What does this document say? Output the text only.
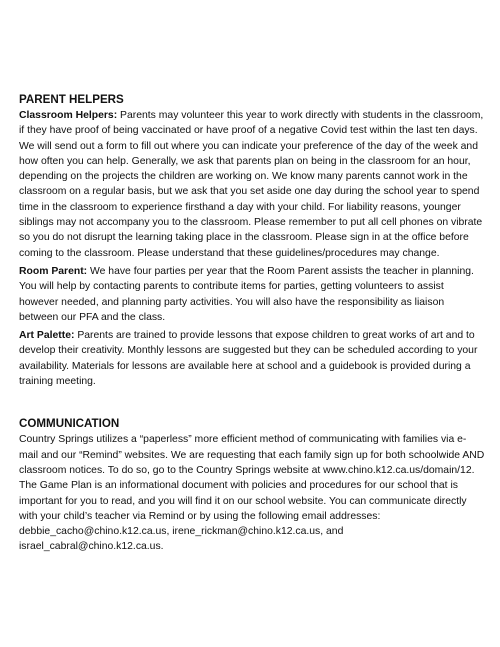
PARENT HELPERS

Classroom Helpers: Parents may volunteer this year to work directly with students in the classroom, if they have proof of being vaccinated or have proof of a negative Covid test within the last ten days. We will send out a form to fill out where you can indicate your preference of the day of the week and how often you can help. Generally, we ask that parents plan on being in the classroom for an hour, depending on the projects the children are working on. We know many parents cannot work in the classroom on a regular basis, but we ask that you set aside one day during the school year to spend time in the classroom to experience firsthand a day with your child. For liability reasons, younger siblings may not accompany you to the classroom. Please remember to put all cell phones on vibrate so you do not disrupt the learning taking place in the classroom. Please sign in at the office before coming to the classroom. Please understand that these guidelines/procedures may change.

Room Parent: We have four parties per year that the Room Parent assists the teacher in planning. You will help by contacting parents to contribute items for parties, getting volunteers to assist however needed, and planning party activities. You will also have the responsibility as liaison between our PFA and the class.

Art Palette: Parents are trained to provide lessons that expose children to great works of art and to develop their creativity. Monthly lessons are suggested but they can be scheduled according to your availability. Materials for lessons are available here at school and a guidebook is provided during a training meeting.

COMMUNICATION

Country Springs utilizes a “paperless” more efficient method of communicating with families via e-mail and our “Remind” websites. We are requesting that each family sign up for both schoolwide AND classroom notices. To do so, go to the Country Springs website at www.chino.k12.ca.us/domain/12. The Game Plan is an informational document with policies and procedures for our school that is important for you to read, and you will find it on our school website. You can communicate directly with your child’s teacher via Remind or by using the following email addresses: debbie_cacho@chino.k12.ca.us, irene_rickman@chino.k12.ca.us, and israel_cabral@chino.k12.ca.us.
